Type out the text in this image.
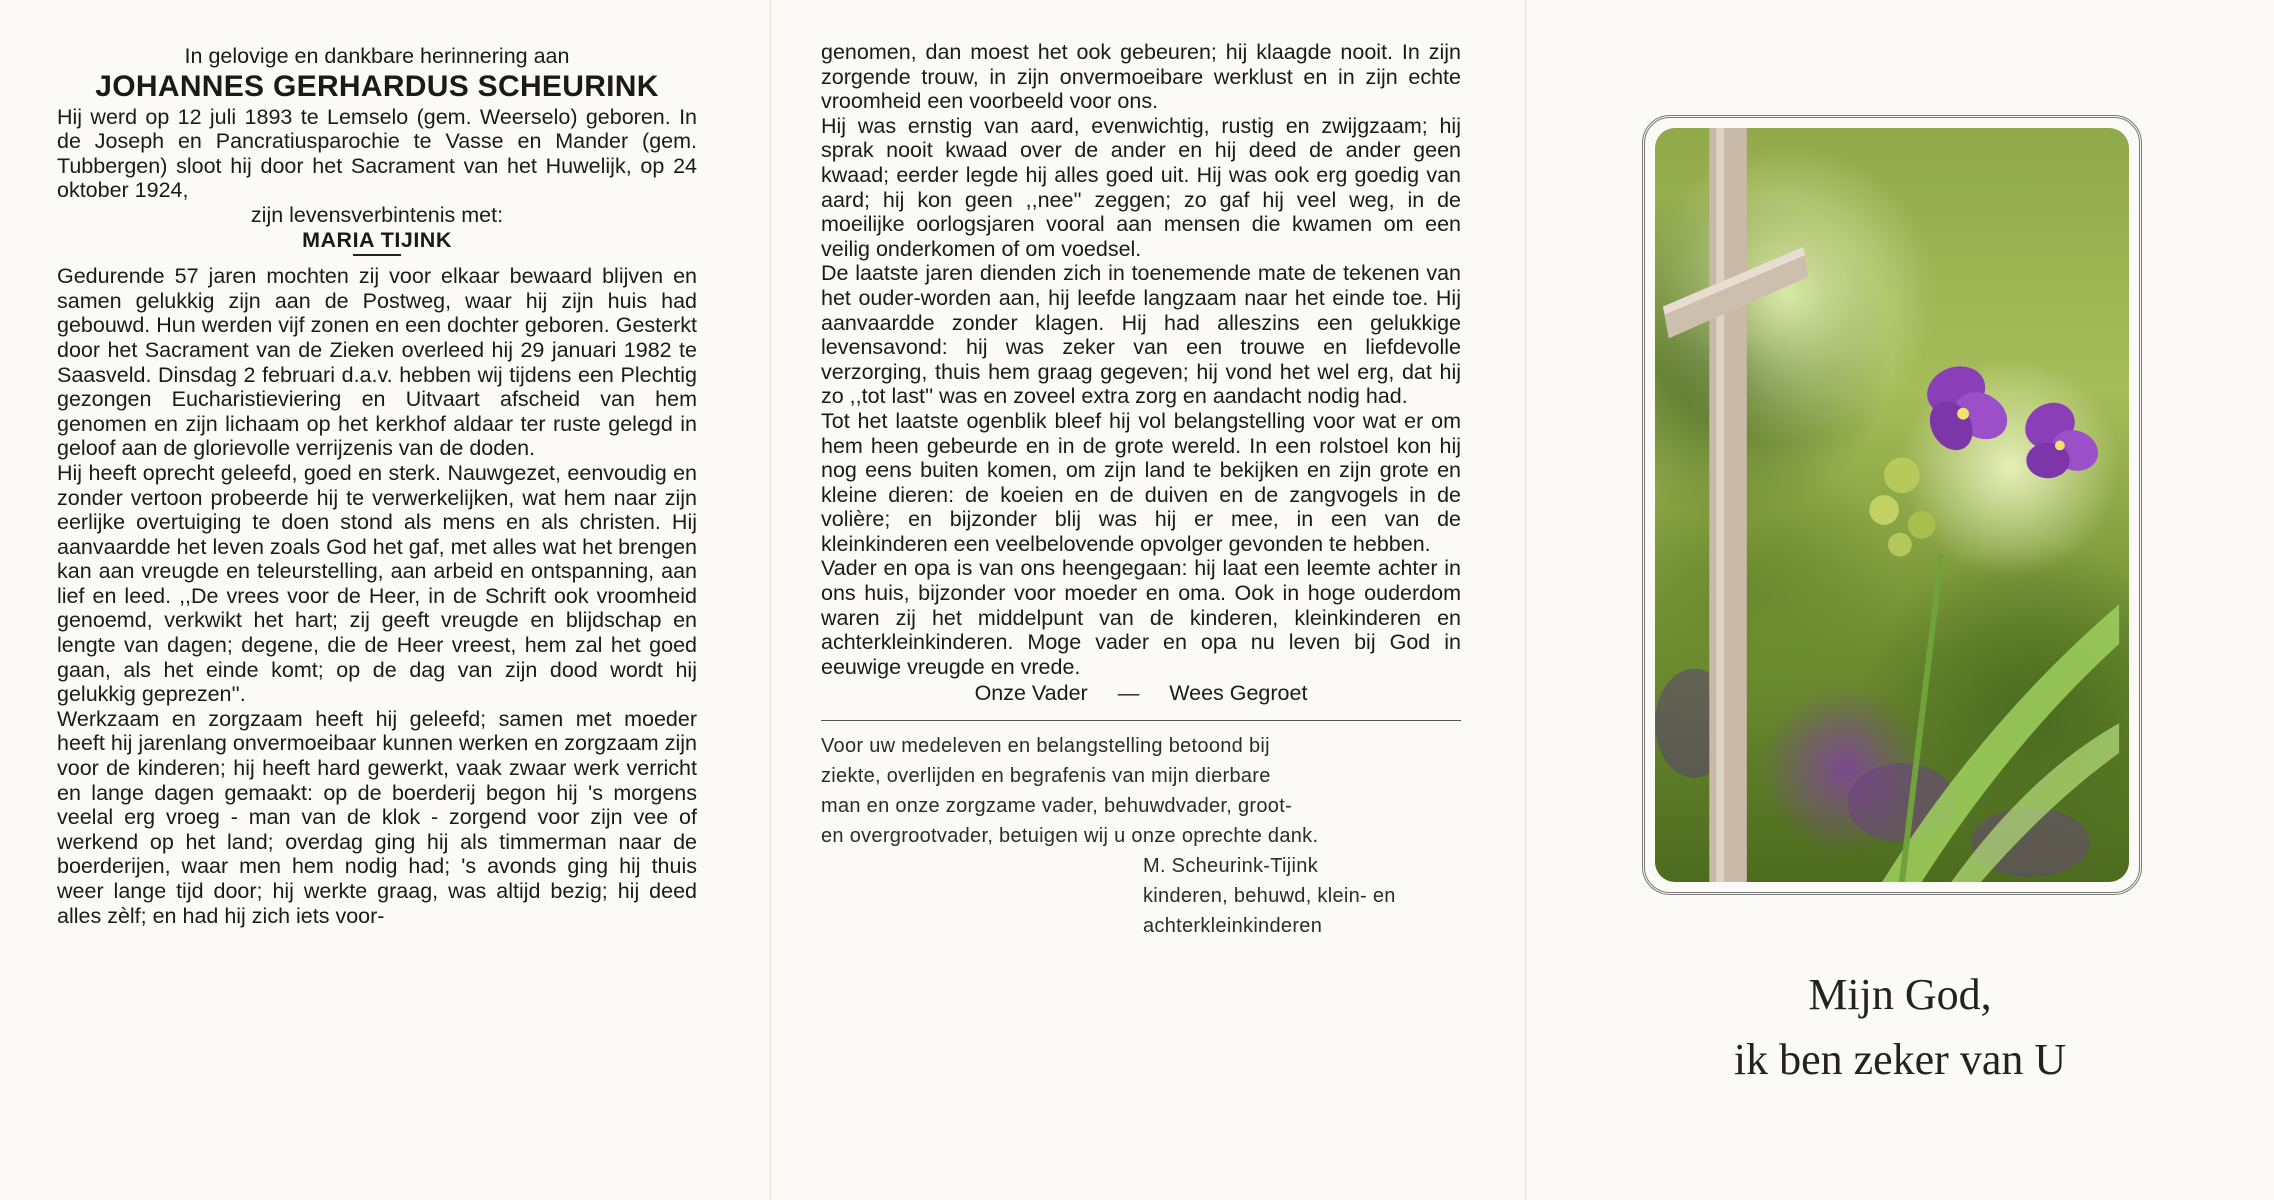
In gelovige en dankbare herinnering aan

JOHANNES GERHARDUS SCHEURINK

Hij werd op 12 juli 1893 te Lemselo (gem. Weerselo) geboren. In de Joseph en Pancratiusparochie te Vasse en Mander (gem. Tubbergen) sloot hij door het Sacrament van het Huwelijk, op 24 oktober 1924,

zijn levensverbintenis met:

MARIA TIJINK

Gedurende 57 jaren mochten zij voor elkaar bewaard blijven en samen gelukkig zijn aan de Postweg, waar hij zijn huis had gebouwd. Hun werden vijf zonen en een dochter geboren. Gesterkt door het Sacrament van de Zieken overleed hij 29 januari 1982 te Saasveld. Dinsdag 2 februari d.a.v. hebben wij tijdens een Plechtig gezongen Eucharistieviering en Uitvaart afscheid van hem genomen en zijn lichaam op het kerkhof aldaar ter ruste gelegd in geloof aan de glorievolle verrijzenis van de doden.

Hij heeft oprecht geleefd, goed en sterk. Nauwgezet, eenvoudig en zonder vertoon probeerde hij te verwerkelijken, wat hem naar zijn eerlijke overtuiging te doen stond als mens en als christen. Hij aanvaardde het leven zoals God het gaf, met alles wat het brengen kan aan vreugde en teleurstelling, aan arbeid en ontspanning, aan lief en leed. ,,De vrees voor de Heer, in de Schrift ook vroomheid genoemd, verkwikt het hart; zij geeft vreugde en blijdschap en lengte van dagen; degene, die de Heer vreest, hem zal het goed gaan, als het einde komt; op de dag van zijn dood wordt hij gelukkig geprezen''.

Werkzaam en zorgzaam heeft hij geleefd; samen met moeder heeft hij jarenlang onvermoeibaar kunnen werken en zorgzaam zijn voor de kinderen; hij heeft hard gewerkt, vaak zwaar werk verricht en lange dagen gemaakt: op de boerderij begon hij 's morgens veelal erg vroeg - man van de klok - zorgend voor zijn vee of werkend op het land; overdag ging hij als timmerman naar de boerderijen, waar men hem nodig had; 's avonds ging hij thuis weer lange tijd door; hij werkte graag, was altijd bezig; hij deed alles zèlf; en had hij zich iets voor-

genomen, dan moest het ook gebeuren; hij klaagde nooit. In zijn zorgende trouw, in zijn onvermoeibare werklust en in zijn echte vroomheid een voorbeeld voor ons.

Hij was ernstig van aard, evenwichtig, rustig en zwijgzaam; hij sprak nooit kwaad over de ander en hij deed de ander geen kwaad; eerder legde hij alles goed uit. Hij was ook erg goedig van aard; hij kon geen ,,nee'' zeggen; zo gaf hij veel weg, in de moeilijke oorlogsjaren vooral aan mensen die kwamen om een veilig onderkomen of om voedsel.

De laatste jaren dienden zich in toenemende mate de tekenen van het ouder-worden aan, hij leefde langzaam naar het einde toe. Hij aanvaardde zonder klagen. Hij had alleszins een gelukkige levensavond: hij was zeker van een trouwe en liefdevolle verzorging, thuis hem graag gegeven; hij vond het wel erg, dat hij zo ,,tot last'' was en zoveel extra zorg en aandacht nodig had.

Tot het laatste ogenblik bleef hij vol belangstelling voor wat er om hem heen gebeurde en in de grote wereld. In een rolstoel kon hij nog eens buiten komen, om zijn land te bekijken en zijn grote en kleine dieren: de koeien en de duiven en de zangvogels in de volière; en bijzonder blij was hij er mee, in een van de kleinkinderen een veelbelovende opvolger gevonden te hebben.

Vader en opa is van ons heengegaan: hij laat een leemte achter in ons huis, bijzonder voor moeder en oma. Ook in hoge ouderdom waren zij het middelpunt van de kinderen, kleinkinderen en achterkleinkinderen. Moge vader en opa nu leven bij God in eeuwige vreugde en vrede.

Onze Vader — Wees Gegroet
Voor uw medeleven en belangstelling betoond bij
ziekte, overlijden en begrafenis van mijn dierbare
man en onze zorgzame vader, behuwdvader, groot-
en overgrootvader, betuigen wij u onze oprechte dank.
M. Scheurink-Tijink
kinderen, behuwd, klein- en
achterkleinkinderen
Mijn God,
ik ben zeker van U
